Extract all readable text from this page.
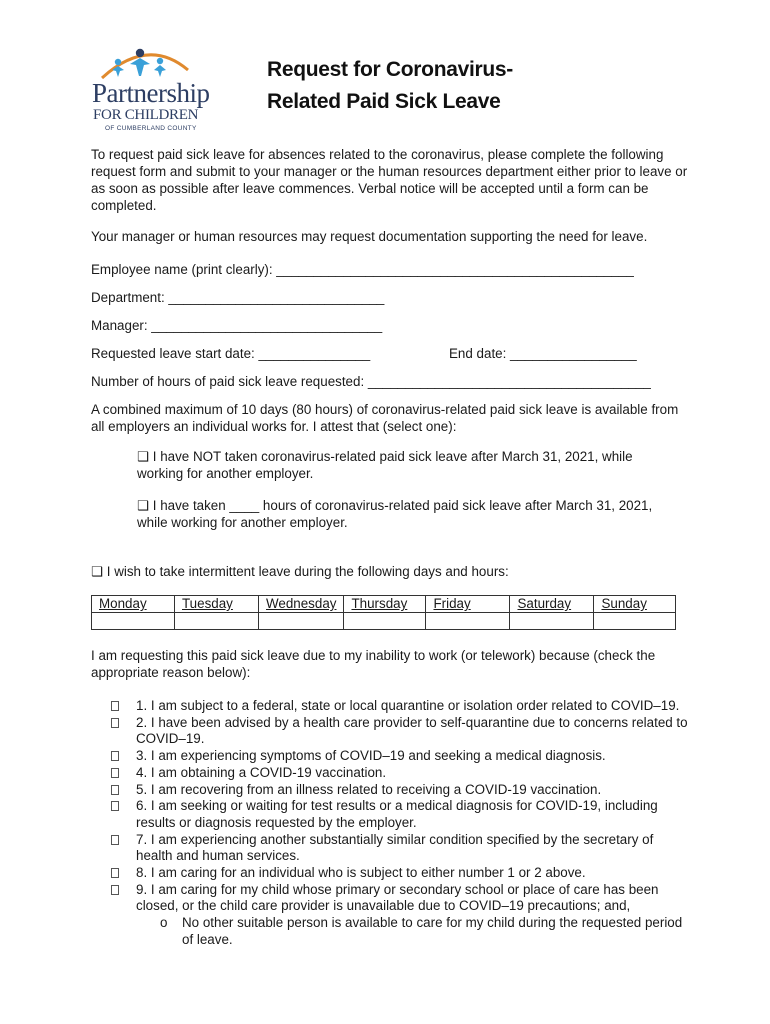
Partnership
FOR CHILDREN
OF CUMBERLAND COUNTY
Request for Coronavirus-
Related Paid Sick Leave
To request paid sick leave for absences related to the coronavirus, please complete the following request form and submit to your manager or the human resources department either prior to leave or as soon as possible after leave commences. Verbal notice will be accepted until a form can be completed.
Your manager or human resources may request documentation supporting the need for leave.
Employee name (print clearly): ________________________________________________
Department: _____________________________
Manager: _______________________________
Requested leave start date: _______________	End date: _________________
Number of hours of paid sick leave requested: ______________________________________
A combined maximum of 10 days (80 hours) of coronavirus-related paid sick leave is available from all employers an individual works for. I attest that (select one):
❑ I have NOT taken coronavirus-related paid sick leave after March 31, 2021, while working for another employer.
❑ I have taken ____ hours of coronavirus-related paid sick leave after March 31, 2021, while working for another employer.
❑ I wish to take intermittent leave during the following days and hours:
Monday	Tuesday	Wednesday	Thursday	Friday	Saturday	Sunday

I am requesting this paid sick leave due to my inability to work (or telework) because (check the appropriate reason below):
1. I am subject to a federal, state or local quarantine or isolation order related to COVID–19.
2. I have been advised by a health care provider to self-quarantine due to concerns related to COVID–19.
3. I am experiencing symptoms of COVID–19 and seeking a medical diagnosis.
4. I am obtaining a COVID-19 vaccination.
5. I am recovering from an illness related to receiving a COVID-19 vaccination.
6. I am seeking or waiting for test results or a medical diagnosis for COVID-19, including results or diagnosis requested by the employer.
7. I am experiencing another substantially similar condition specified by the secretary of health and human services.
8. I am caring for an individual who is subject to either number 1 or 2 above.
9. I am caring for my child whose primary or secondary school or place of care has been closed, or the child care provider is unavailable due to COVID–19 precautions; and,
o No other suitable person is available to care for my child during the requested period of leave.
